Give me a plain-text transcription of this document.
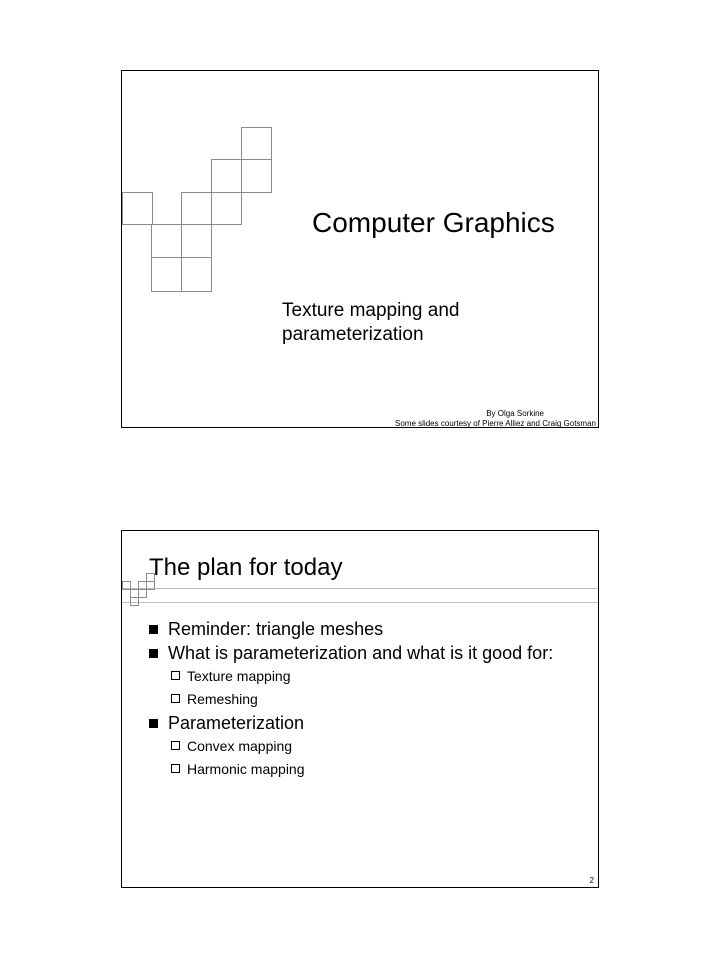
Computer Graphics
Texture mapping and
parameterization
By Olga Sorkine
Some slides courtesy of Pierre Alliez and Craig Gotsman
The plan for today
Reminder: triangle meshes
What is parameterization and what is it good for:
Texture mapping
Remeshing
Parameterization
Convex mapping
Harmonic mapping
2
